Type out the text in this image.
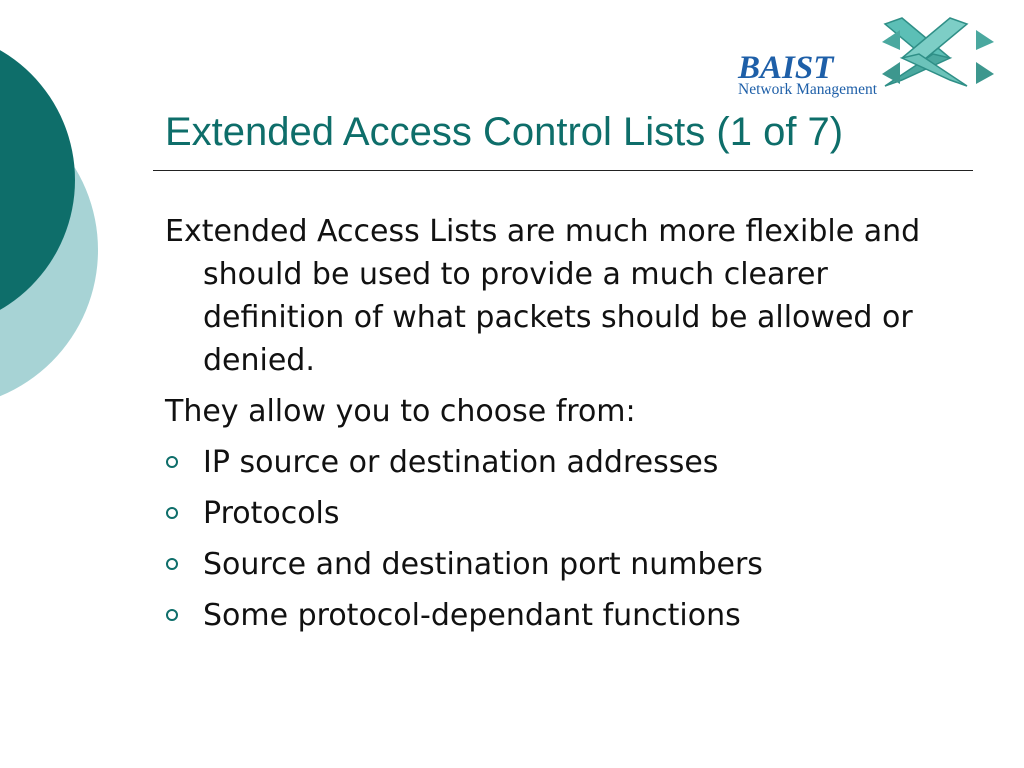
BAIST
Network Management
Extended Access Control Lists (1 of 7)

Extended Access Lists are much more flexible and should be used to provide a much clearer definition of what packets should be allowed or denied.

They allow you to choose from:

IP source or destination addresses
Protocols
Source and destination port numbers
Some protocol-dependant functions
